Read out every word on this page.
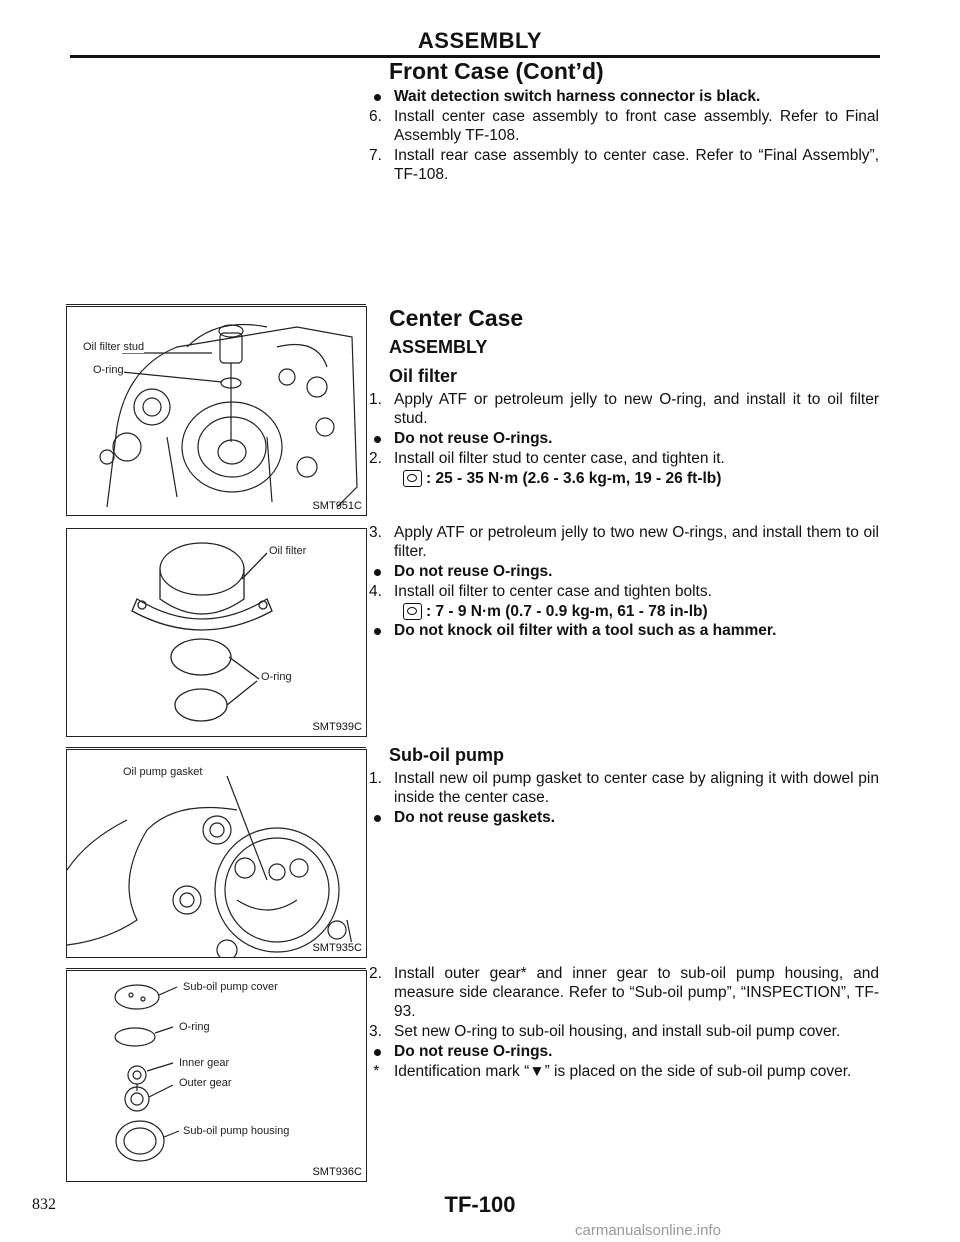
ASSEMBLY
Front Case (Cont’d)
Wait detection switch harness connector is black.
6. Install center case assembly to front case assembly. Refer to Final Assembly TF-108.
7. Install rear case assembly to center case. Refer to “Final Assembly”, TF-108.
Oil filter stud
O-ring
SMT951C
Oil filter
O-ring
SMT939C
Oil pump gasket
SMT935C
Sub-oil pump cover
O-ring
Inner gear
Outer gear
Sub-oil pump housing
SMT936C
Center Case
ASSEMBLY
Oil filter
1. Apply ATF or petroleum jelly to new O-ring, and install it to oil filter stud.
Do not reuse O-rings.
2. Install oil filter stud to center case, and tighten it.
: 25 - 35 N·m (2.6 - 3.6 kg-m, 19 - 26 ft-lb)
3. Apply ATF or petroleum jelly to two new O-rings, and install them to oil filter.
Do not reuse O-rings.
4. Install oil filter to center case and tighten bolts.
: 7 - 9 N·m (0.7 - 0.9 kg-m, 61 - 78 in-lb)
Do not knock oil filter with a tool such as a hammer.
Sub-oil pump
1. Install new oil pump gasket to center case by aligning it with dowel pin inside the center case.
Do not reuse gaskets.
2. Install outer gear* and inner gear to sub-oil pump housing, and measure side clearance. Refer to “Sub-oil pump”, “INSPECTION”, TF-93.
3. Set new O-ring to sub-oil housing, and install sub-oil pump cover.
Do not reuse O-rings.
* Identification mark “▼” is placed on the side of sub-oil pump cover.
832	TF-100
carmanualsonline.info
